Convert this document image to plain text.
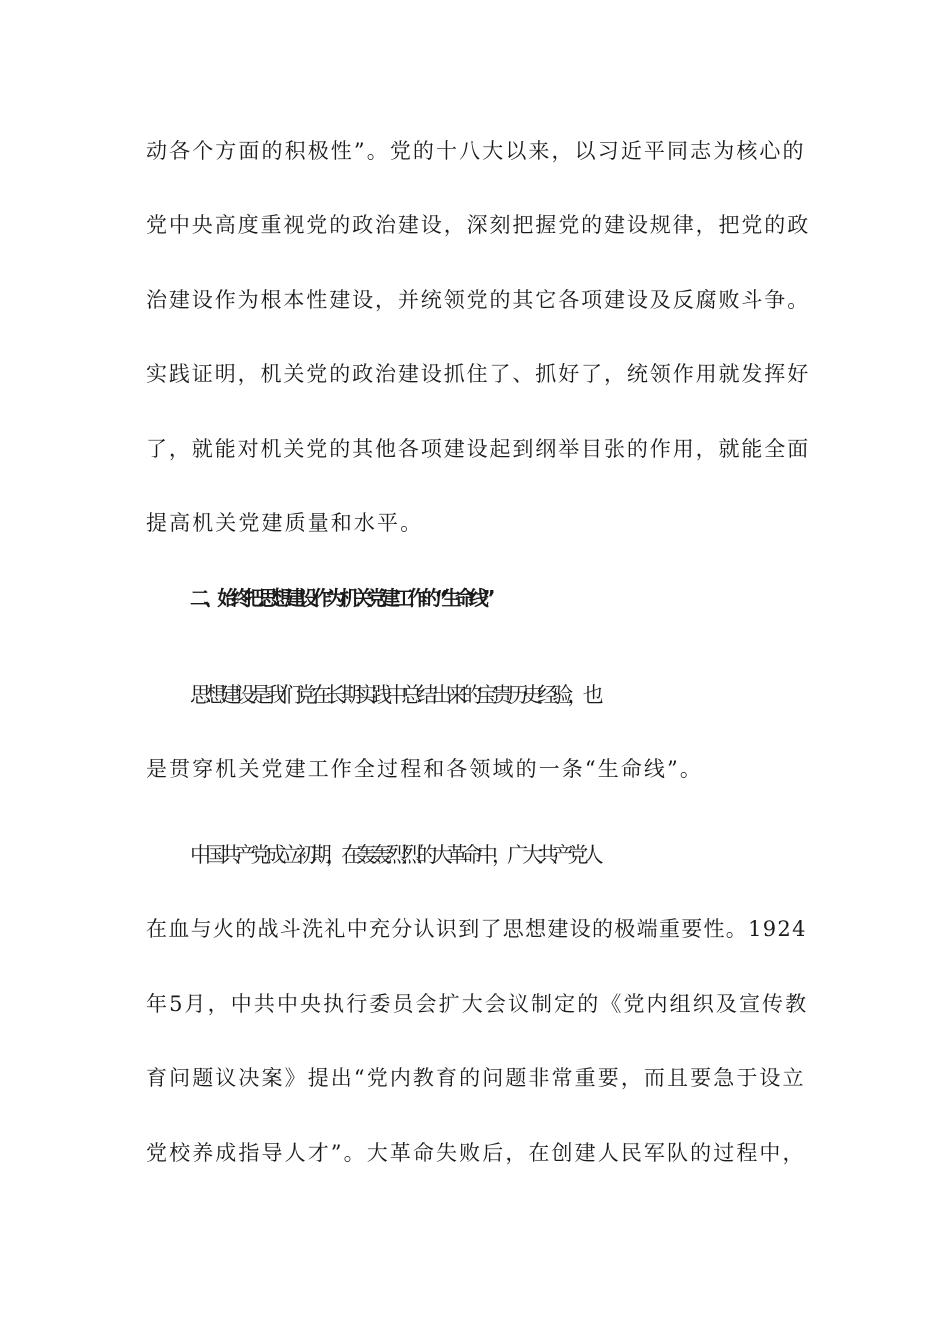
动各个方面的积极性”。党的十八大以来，以习近平同志为核心的
党中央高度重视党的政治建设，深刻把握党的建设规律，把党的政
治建设作为根本性建设，并统领党的其它各项建设及反腐败斗争。
实践证明，机关党的政治建设抓住了、抓好了，统领作用就发挥好
了，就能对机关党的其他各项建设起到纲举目张的作用，就能全面
提高机关党建质量和水平。
二、始终把思想建设作为机关党建工作的“生命线”
思想建设是我们党在长期实践中总结出来的宝贵历史经验，也
是贯穿机关党建工作全过程和各领域的一条“生命线”。
中国共产党成立初期，在轰轰烈烈的大革命中，广大共产党人
在血与火的战斗洗礼中充分认识到了思想建设的极端重要性。1924
年5月，中共中央执行委员会扩大会议制定的《党内组织及宣传教
育问题议决案》提出“党内教育的问题非常重要，而且要急于设立
党校养成指导人才”。大革命失败后，在创建人民军队的过程中，
